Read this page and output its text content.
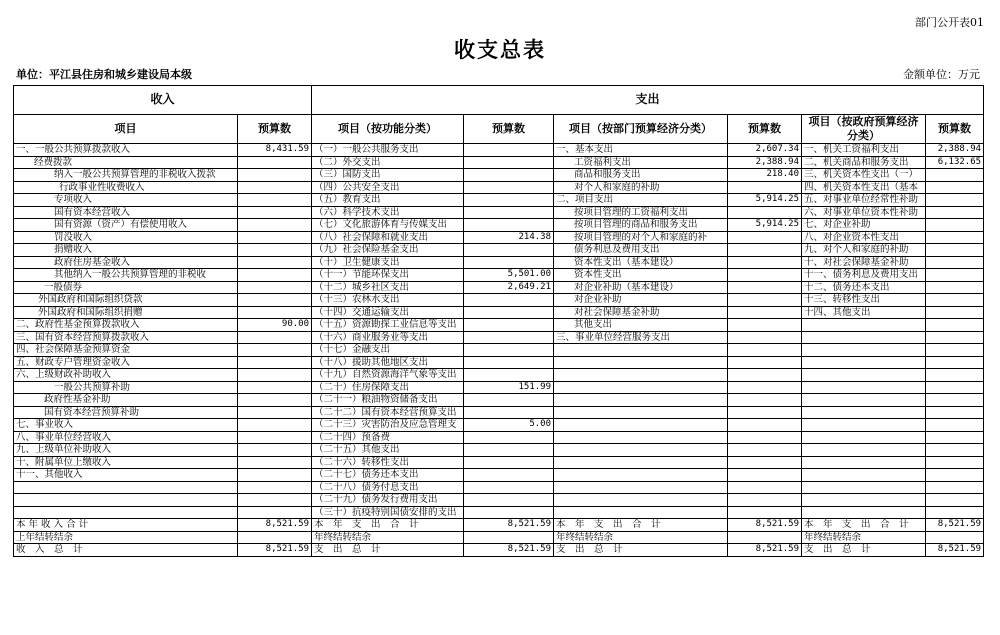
部门公开表01
收支总表
单位：平江县住房和城乡建设局本级	金额单位：万元
收入		支出					
项目	预算数	项目（按功能分类）	预算数	项目（按部门预算经济分类）	预算数	项目（按政府预算经济分类）	预算数
一、一般公共预算拨款收入	8,431.59	（一）一般公共服务支出		一、基本支出	2,607.34	一、机关工资福利支出	2,388.94
经费拨款		（二）外交支出		工资福利支出	2,388.94	二、机关商品和服务支出	6,132.65
纳入一般公共预算管理的非税收入拨款		（三）国防支出		商品和服务支出	218.40	三、机关资本性支出（一）	
行政事业性收费收入		（四）公共安全支出		对个人和家庭的补助		四、机关资本性支出（基本	
专项收入		（五）教育支出		二、项目支出	5,914.25	五、对事业单位经常性补助	
国有资本经营收入		（六）科学技术支出		按项目管理的工资福利支出		六、对事业单位资本性补助	
国有资源（资产）有偿使用收入		（七）文化旅游体育与传媒支出		按项目管理的商品和服务支出	5,914.25	七、对企业补助	
罚没收入		（八）社会保障和就业支出	214.38	按项目管理的对个人和家庭的补		八、对企业资本性支出	
捐赠收入		（九）社会保险基金支出		债务利息及费用支出		九、对个人和家庭的补助	
政府住房基金收入		（十）卫生健康支出		资本性支出（基本建设）		十、对社会保障基金补助	
其他纳入一般公共预算管理的非税收		（十一）节能环保支出	5,501.00	资本性支出		十一、债务利息及费用支出	
一般债券		（十二）城乡社区支出	2,649.21	对企业补助（基本建设）		十二、债务还本支出	
外国政府和国际组织贷款		（十三）农林水支出		对企业补助		十三、转移性支出	
外国政府和国际组织捐赠		（十四）交通运输支出		对社会保障基金补助		十四、其他支出	
二、政府性基金预算拨款收入	90.00	（十五）资源勘探工业信息等支出		其他支出			
三、国有资本经营预算拨款收入		（十六）商业服务业等支出		三、事业单位经营服务支出			
四、社会保障基金预算资金		（十七）金融支出					
五、财政专户管理资金收入		（十八）援助其他地区支出					
六、上级财政补助收入		（十九）自然资源海洋气象等支出					
一般公共预算补助		（二十）住房保障支出	151.99				
政府性基金补助		（二十一）粮油物资储备支出					
国有资本经营预算补助		（二十二）国有资本经营预算支出					
七、事业收入		（二十三）灾害防治及应急管理支	5.00				
八、事业单位经营收入		（二十四）预备费					
九、上级单位补助收入		（二十五）其他支出					
十、附属单位上缴收入		（二十六）转移性支出					
十一、其他收入		（二十七）债务还本支出					
		（二十八）债务付息支出					
		（二十九）债务发行费用支出					
		（三十）抗疫特别国债安排的支出					
本 年 收 入 合 计	8,521.59	本　年　支　出　合　计	8,521.59	本　年　支　出　合　计	8,521.59	本　年　支　出　合　计	8,521.59
上年结转结余		年终结转结余		年终结转结余		年终结转结余	
收　入　总　计	8,521.59	支　出　总　计	8,521.59	支　出　总　计	8,521.59	支　出　总　计	8,521.59
